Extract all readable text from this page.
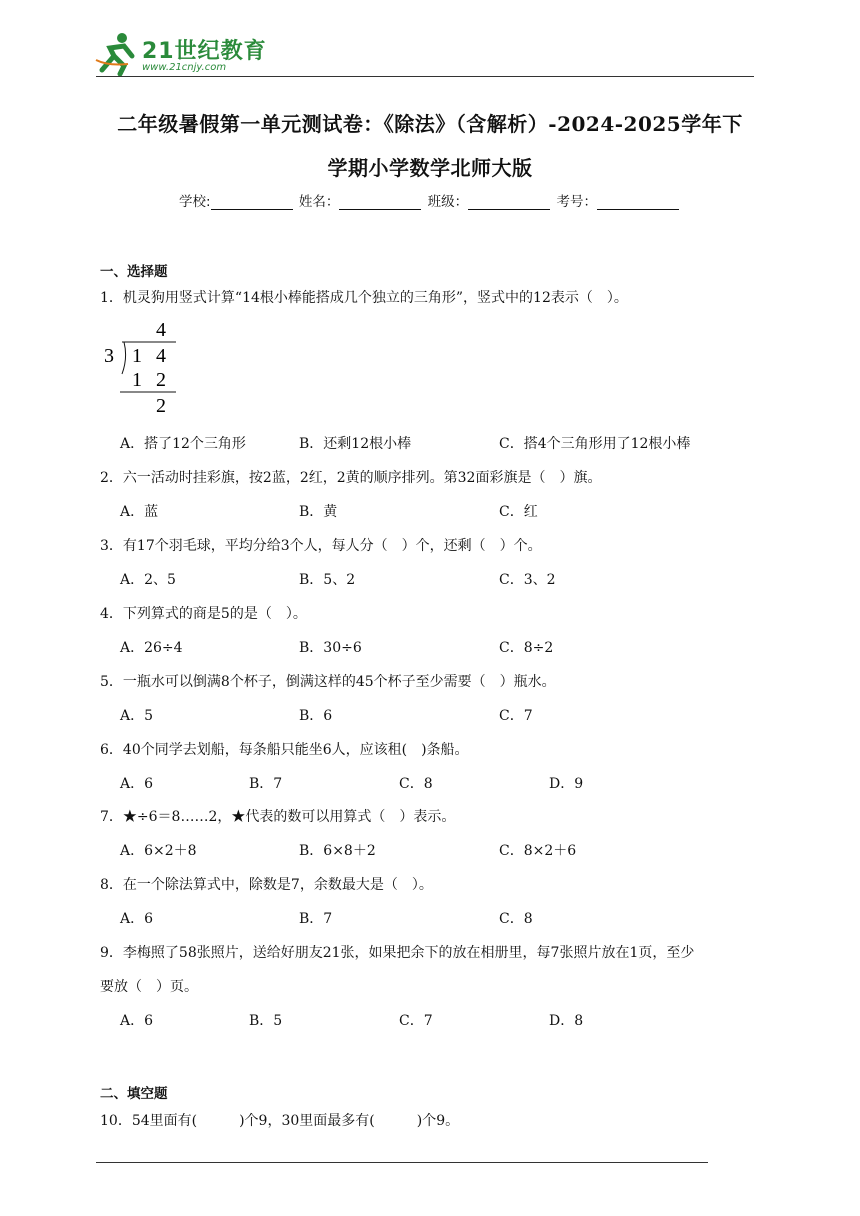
21世纪教育
www.21cnjy.com
二年级暑假第一单元测试卷：《除法》（含解析）-2024-2025学年下
学期小学数学北师大版
学校:	姓名：	班级：	考号：
一、选择题
1．机灵狗用竖式计算“14根小棒能搭成几个独立的三角形”，竖式中的12表示（　）。
4
3 1 4
1 2
2
A．搭了12个三角形	B．还剩12根小棒	C．搭4个三角形用了12根小棒
2．六一活动时挂彩旗，按2蓝，2红，2黄的顺序排列。第32面彩旗是（　）旗。
A．蓝	B．黄	C．红
3．有17个羽毛球，平均分给3个人，每人分（　）个，还剩（　）个。
A．2、5	B．5、2	C．3、2
4．下列算式的商是5的是（　）。
A．26÷4	B．30÷6	C．8÷2
5．一瓶水可以倒满8个杯子，倒满这样的45个杯子至少需要（　）瓶水。
A．5	B．6	C．7
6．40个同学去划船，每条船只能坐6人，应该租(　)条船。
A．6	B．7	C．8	D．9
7．★÷6＝8……2，★代表的数可以用算式（　）表示。
A．6×2＋8	B．6×8＋2	C．8×2＋6
8．在一个除法算式中，除数是7，余数最大是（　）。
A．6	B．7	C．8
9．李梅照了58张照片，送给好朋友21张，如果把余下的放在相册里，每7张照片放在1页，至少
要放（　）页。
A．6	B．5	C．7	D．8
二、填空题
10．54里面有(　　　)个9，30里面最多有(　　　)个9。
